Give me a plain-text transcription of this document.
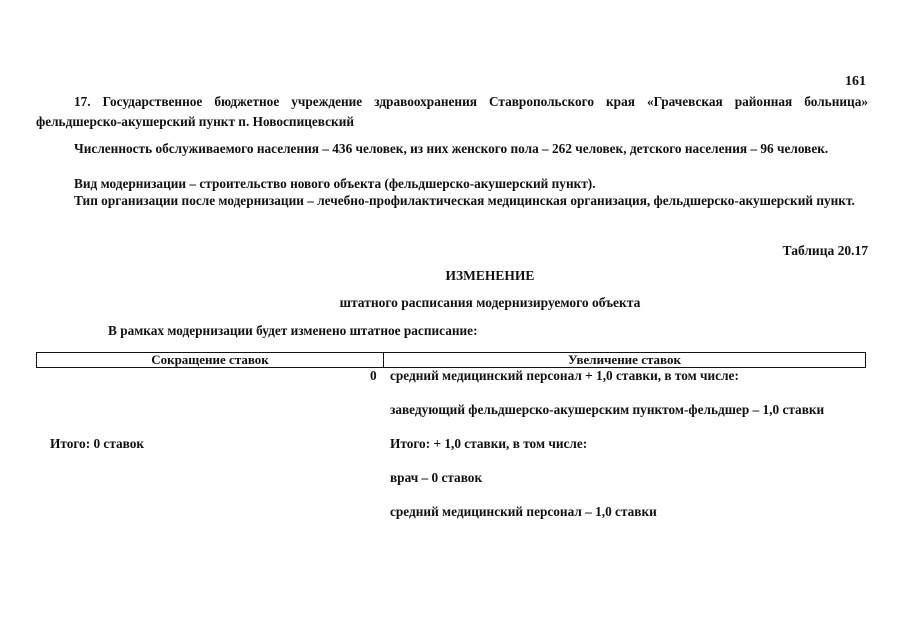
161

17. Государственное бюджетное учреждение здравоохранения Ставропольского края «Грачевская районная больница» фельдшерско-акушерский пункт п. Новоспицевский

Численность обслуживаемого населения – 436 человек, из них женского пола – 262 человек, детского населения – 96 человек.

Вид модернизации – строительство нового объекта (фельдшерско-акушерский пункт).

Тип организации после модернизации – лечебно-профилактическая медицинская организация, фельдшерско-акушерский пункт.

Таблица 20.17
ИЗМЕНЕНИЕ
штатного расписания модернизируемого объекта
В рамках модернизации будет изменено штатное расписание:
Сокращение ставок	Увеличение ставок
0
Итого: 0 ставок
средний медицинский персонал + 1,0 ставки, в том числе:
заведующий фельдшерско-акушерским пунктом-фельдшер – 1,0 ставки
Итого: + 1,0 ставки, в том числе:
врач – 0 ставок
средний медицинский персонал – 1,0 ставки
